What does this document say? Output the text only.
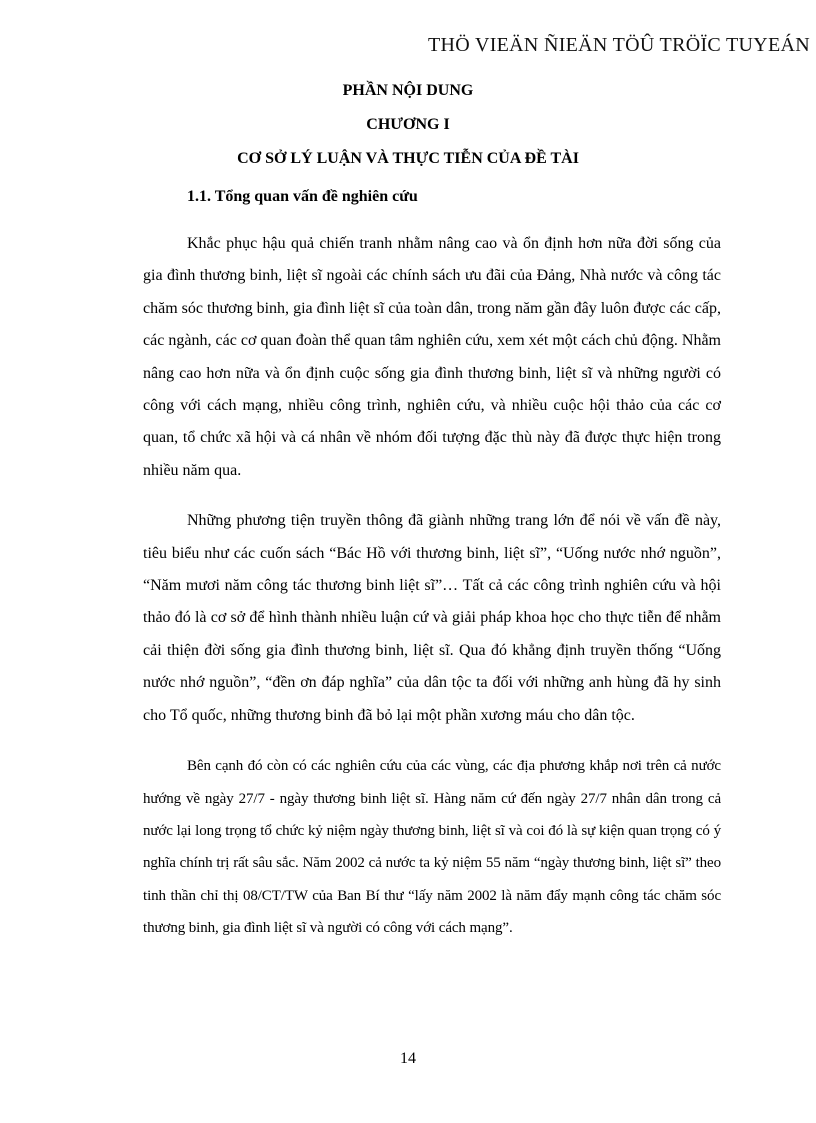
THÖ VIEÄN ÑIEÄN TÖÛ TRÖÏC TUYEÁN
PHẦN NỘI DUNG
CHƯƠNG I
CƠ SỞ LÝ LUẬN VÀ THỰC TIỄN CỦA ĐỀ TÀI
1.1. Tổng quan vấn đề nghiên cứu

Khắc phục hậu quả chiến tranh nhằm nâng cao và ổn định hơn nữa đời sống của gia đình thương binh, liệt sĩ ngoài các chính sách ưu đãi của Đảng, Nhà nước và công tác chăm sóc thương binh, gia đình liệt sĩ của toàn dân, trong năm gần đây luôn được các cấp, các ngành, các cơ quan đoàn thể quan tâm nghiên cứu, xem xét một cách chủ động. Nhằm nâng cao hơn nữa và ổn định cuộc sống gia đình thương binh, liệt sĩ và những người có công với cách mạng, nhiều công trình, nghiên cứu, và nhiều cuộc hội thảo của các cơ quan, tổ chức xã hội và cá nhân về nhóm đối tượng đặc thù này đã được thực hiện trong nhiều năm qua.

Những phương tiện truyền thông đã giành những trang lớn để nói về vấn đề này, tiêu biểu như các cuốn sách “Bác Hồ với thương binh, liệt sĩ”, “Uống nước nhớ nguồn”, “Năm mươi năm công tác thương binh liệt sĩ”… Tất cả các công trình nghiên cứu và hội thảo đó là cơ sở để hình thành nhiều luận cứ và giải pháp khoa học cho thực tiễn để nhằm cải thiện đời sống gia đình thương binh, liệt sĩ. Qua đó khẳng định truyền thống “Uống nước nhớ nguồn”, “đền ơn đáp nghĩa” của dân tộc ta đối với những anh hùng đã hy sinh cho Tổ quốc, những thương binh đã bỏ lại một phần xương máu cho dân tộc.

Bên cạnh đó còn có các nghiên cứu của các vùng, các địa phương khắp nơi trên cả nước hướng về ngày 27/7 - ngày thương binh liệt sĩ. Hàng năm cứ đến ngày 27/7 nhân dân trong cả nước lại long trọng tổ chức kỷ niệm ngày thương binh, liệt sĩ và coi đó là sự kiện quan trọng có ý nghĩa chính trị rất sâu sắc. Năm 2002 cả nước ta kỷ niệm 55 năm “ngày thương binh, liệt sĩ” theo tinh thần chỉ thị 08/CT/TW của Ban Bí thư “lấy năm 2002 là năm đẩy mạnh công tác chăm sóc thương binh, gia đình liệt sĩ và người có công với cách mạng”.

14
